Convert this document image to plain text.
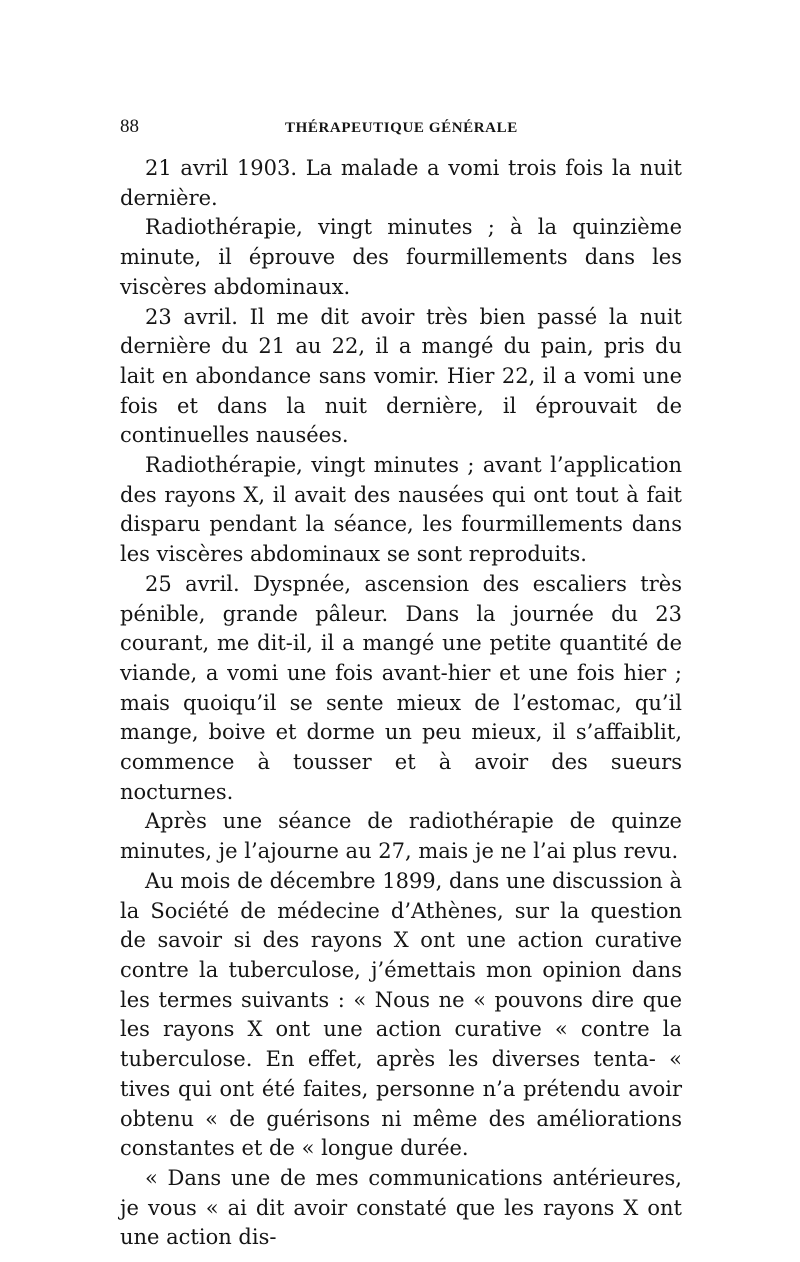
88	THÉRAPEUTIQUE GÉNÉRALE

21 avril 1903. La malade a vomi trois fois la nuit dernière.

Radiothérapie, vingt minutes ; à la quinzième minute, il éprouve des fourmillements dans les viscères abdominaux.

23 avril. Il me dit avoir très bien passé la nuit dernière du 21 au 22, il a mangé du pain, pris du lait en abondance sans vomir. Hier 22, il a vomi une fois et dans la nuit dernière, il éprouvait de continuelles nausées.

Radiothérapie, vingt minutes ; avant l’application des rayons X, il avait des nausées qui ont tout à fait disparu pendant la séance, les fourmillements dans les viscères abdominaux se sont reproduits.

25 avril. Dyspnée, ascension des escaliers très pénible, grande pâleur. Dans la journée du 23 courant, me dit-il, il a mangé une petite quantité de viande, a vomi une fois avant-hier et une fois hier ; mais quoiqu’il se sente mieux de l’estomac, qu’il mange, boive et dorme un peu mieux, il s’affaiblit, commence à tousser et à avoir des sueurs nocturnes.

Après une séance de radiothérapie de quinze minutes, je l’ajourne au 27, mais je ne l’ai plus revu.

Au mois de décembre 1899, dans une discussion à la Société de médecine d’Athènes, sur la question de savoir si des rayons X ont une action curative contre la tuberculose, j’émettais mon opinion dans les termes suivants : « Nous ne « pouvons dire que les rayons X ont une action curative « contre la tuberculose. En effet, après les diverses tenta- « tives qui ont été faites, personne n’a prétendu avoir obtenu « de guérisons ni même des améliorations constantes et de « longue durée.

« Dans une de mes communications antérieures, je vous « ai dit avoir constaté que les rayons X ont une action dis-
